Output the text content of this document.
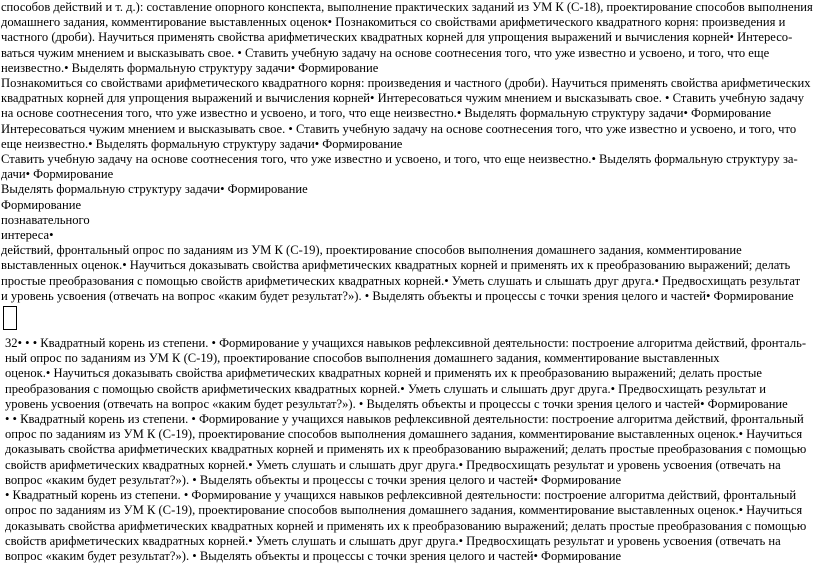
способов действий и т. д.): составление опорного конспекта, выполнение практических заданий из УМ К (С-18), проектирование способов выполнения
домашнего задания, комментирование выставленных оценок• Познакомиться со свойствами арифметического квадратного корня: произведения и
частного (дроби). Научиться применять свойства арифметических квадратных корней для упрощения выражений и вычисления корней• Интересо-
ваться чужим мнением и высказывать свое. • Ставить учебную задачу на основе соотнесения того, что уже известно и усвоено, и того, что еще
неизвестно.• Выделять формальную структуру задачи• Формирование
Познакомиться со свойствами арифметического квадратного корня: произведения и частного (дроби). Научиться применять свойства арифметических
квадратных корней для упрощения выражений и вычисления корней• Интересоваться чужим мнением и высказывать свое. • Ставить учебную задачу
на основе соотнесения того, что уже известно и усвоено, и того, что еще неизвестно.• Выделять формальную структуру задачи• Формирование
Интересоваться чужим мнением и высказывать свое. • Ставить учебную задачу на основе соотнесения того, что уже известно и усвоено, и того, что
еще неизвестно.• Выделять формальную структуру задачи• Формирование
Ставить учебную задачу на основе соотнесения того, что уже известно и усвоено, и того, что еще неизвестно.• Выделять формальную структуру за-
дачи• Формирование
Выделять формальную структуру задачи• Формирование
Формирование
познавательного
интереса•
действий, фронтальный опрос по заданиям из УМ К (С-19), проектирование способов выполнения домашнего задания, комментирование
выставленных оценок.• Научиться доказывать свойства арифметических квадратных корней и применять их к преобразованию выражений; делать
простые преобразования с помощью свойств арифметических квадратных корней.• Уметь слушать и слышать друг друга.• Предвосхищать результат
и уровень усвоения (отвечать на вопрос «каким будет результат?»). • Выделять объекты и процессы с точки зрения целого и частей• Формирование
32• • • Квадратный корень из степени. • Формирование у учащихся навыков рефлексивной деятельности: построение алгоритма действий, фронталь-
ный опрос по заданиям из УМ К (С-19), проектирование способов выполнения домашнего задания, комментирование выставленных
оценок.• Научиться доказывать свойства арифметических квадратных корней и применять их к преобразованию выражений; делать простые
преобразования с помощью свойств арифметических квадратных корней.• Уметь слушать и слышать друг друга.• Предвосхищать результат и
уровень усвоения (отвечать на вопрос «каким будет результат?»). • Выделять объекты и процессы с точки зрения целого и частей• Формирование
• • Квадратный корень из степени. • Формирование у учащихся навыков рефлексивной деятельности: построение алгоритма действий, фронтальный
опрос по заданиям из УМ К (С-19), проектирование способов выполнения домашнего задания, комментирование выставленных оценок.• Научиться
доказывать свойства арифметических квадратных корней и применять их к преобразованию выражений; делать простые преобразования с помощью
свойств арифметических квадратных корней.• Уметь слушать и слышать друг друга.• Предвосхищать результат и уровень усвоения (отвечать на
вопрос «каким будет результат?»). • Выделять объекты и процессы с точки зрения целого и частей• Формирование
• Квадратный корень из степени. • Формирование у учащихся навыков рефлексивной деятельности: построение алгоритма действий, фронтальный
опрос по заданиям из УМ К (С-19), проектирование способов выполнения домашнего задания, комментирование выставленных оценок.• Научиться
доказывать свойства арифметических квадратных корней и применять их к преобразованию выражений; делать простые преобразования с помощью
свойств арифметических квадратных корней.• Уметь слушать и слышать друг друга.• Предвосхищать результат и уровень усвоения (отвечать на
вопрос «каким будет результат?»). • Выделять объекты и процессы с точки зрения целого и частей• Формирование
